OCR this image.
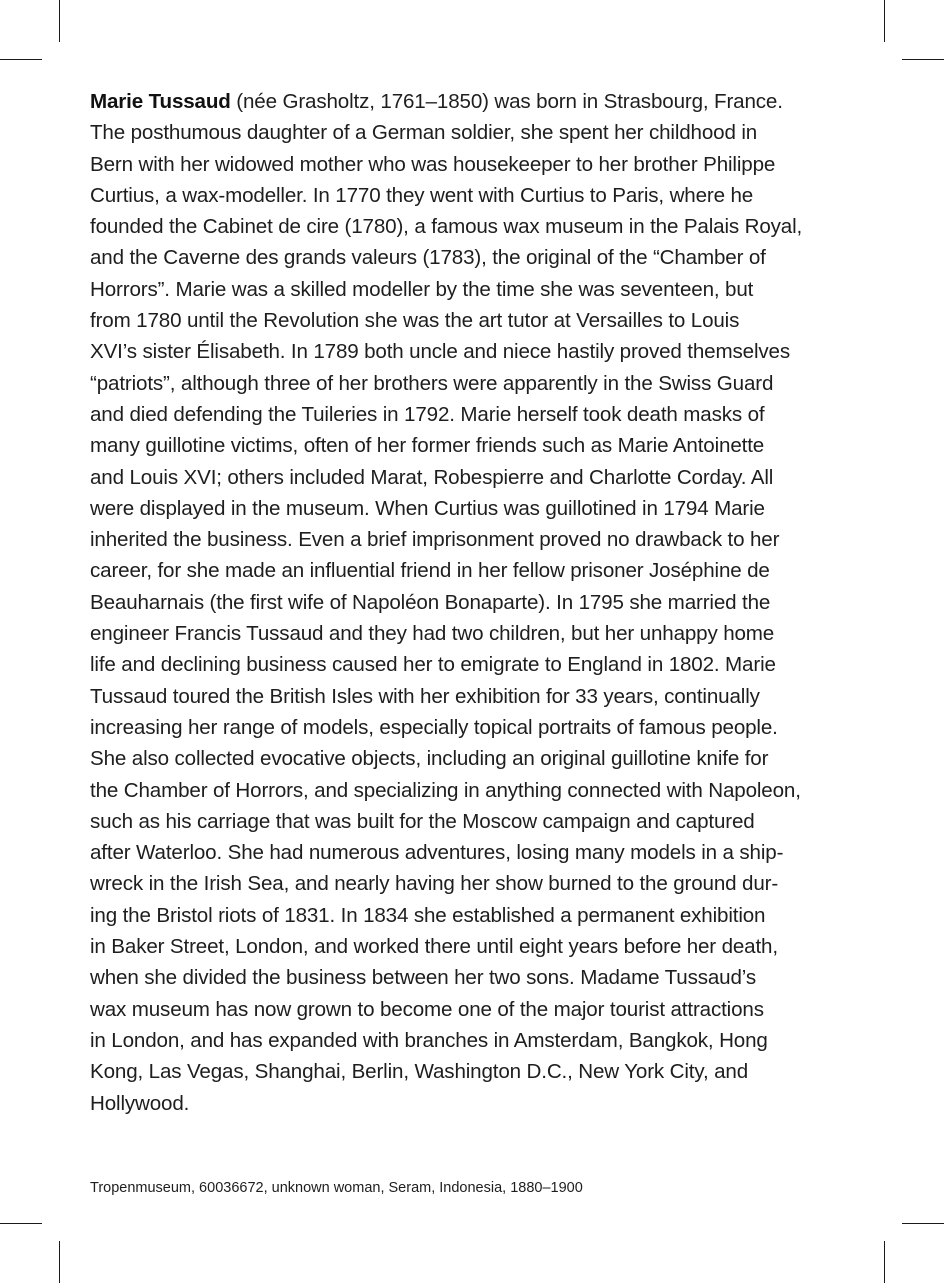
Marie Tussaud (née Grasholtz, 1761–1850) was born in Strasbourg, France.
The posthumous daughter of a German soldier, she spent her childhood in
Bern with her widowed mother who was housekeeper to her brother Philippe
Curtius, a wax-modeller. In 1770 they went with Curtius to Paris, where he
founded the Cabinet de cire (1780), a famous wax museum in the Palais Royal,
and the Caverne des grands valeurs (1783), the original of the “Chamber of
Horrors”. Marie was a skilled modeller by the time she was seventeen, but
from 1780 until the Revolution she was the art tutor at Versailles to Louis
XVI’s sister Élisabeth. In 1789 both uncle and niece hastily proved themselves
“patriots”, although three of her brothers were apparently in the Swiss Guard
and died defending the Tuileries in 1792. Marie herself took death masks of
many guillotine victims, often of her former friends such as Marie Antoinette
and Louis XVI; others included Marat, Robespierre and Charlotte Corday. All
were displayed in the museum. When Curtius was guillotined in 1794 Marie
inherited the business. Even a brief imprisonment proved no drawback to her
career, for she made an influential friend in her fellow prisoner Joséphine de
Beauharnais (the first wife of Napoléon Bonaparte). In 1795 she married the
engineer Francis Tussaud and they had two children, but her unhappy home
life and declining business caused her to emigrate to England in 1802. Marie
Tussaud toured the British Isles with her exhibition for 33 years, continually
increasing her range of models, especially topical portraits of famous people.
She also collected evocative objects, including an original guillotine knife for
the Chamber of Horrors, and specializing in anything connected with Napoleon,
such as his carriage that was built for the Moscow campaign and captured
after Waterloo. She had numerous adventures, losing many models in a ship-
wreck in the Irish Sea, and nearly having her show burned to the ground dur-
ing the Bristol riots of 1831. In 1834 she established a permanent exhibition
in Baker Street, London, and worked there until eight years before her death,
when she divided the business between her two sons. Madame Tussaud’s
wax museum has now grown to become one of the major tourist attractions
in London, and has expanded with branches in Amsterdam, Bangkok, Hong
Kong, Las Vegas, Shanghai, Berlin, Washington D.C., New York City, and
Hollywood.
Tropenmuseum, 60036672, unknown woman, Seram, Indonesia, 1880–1900
